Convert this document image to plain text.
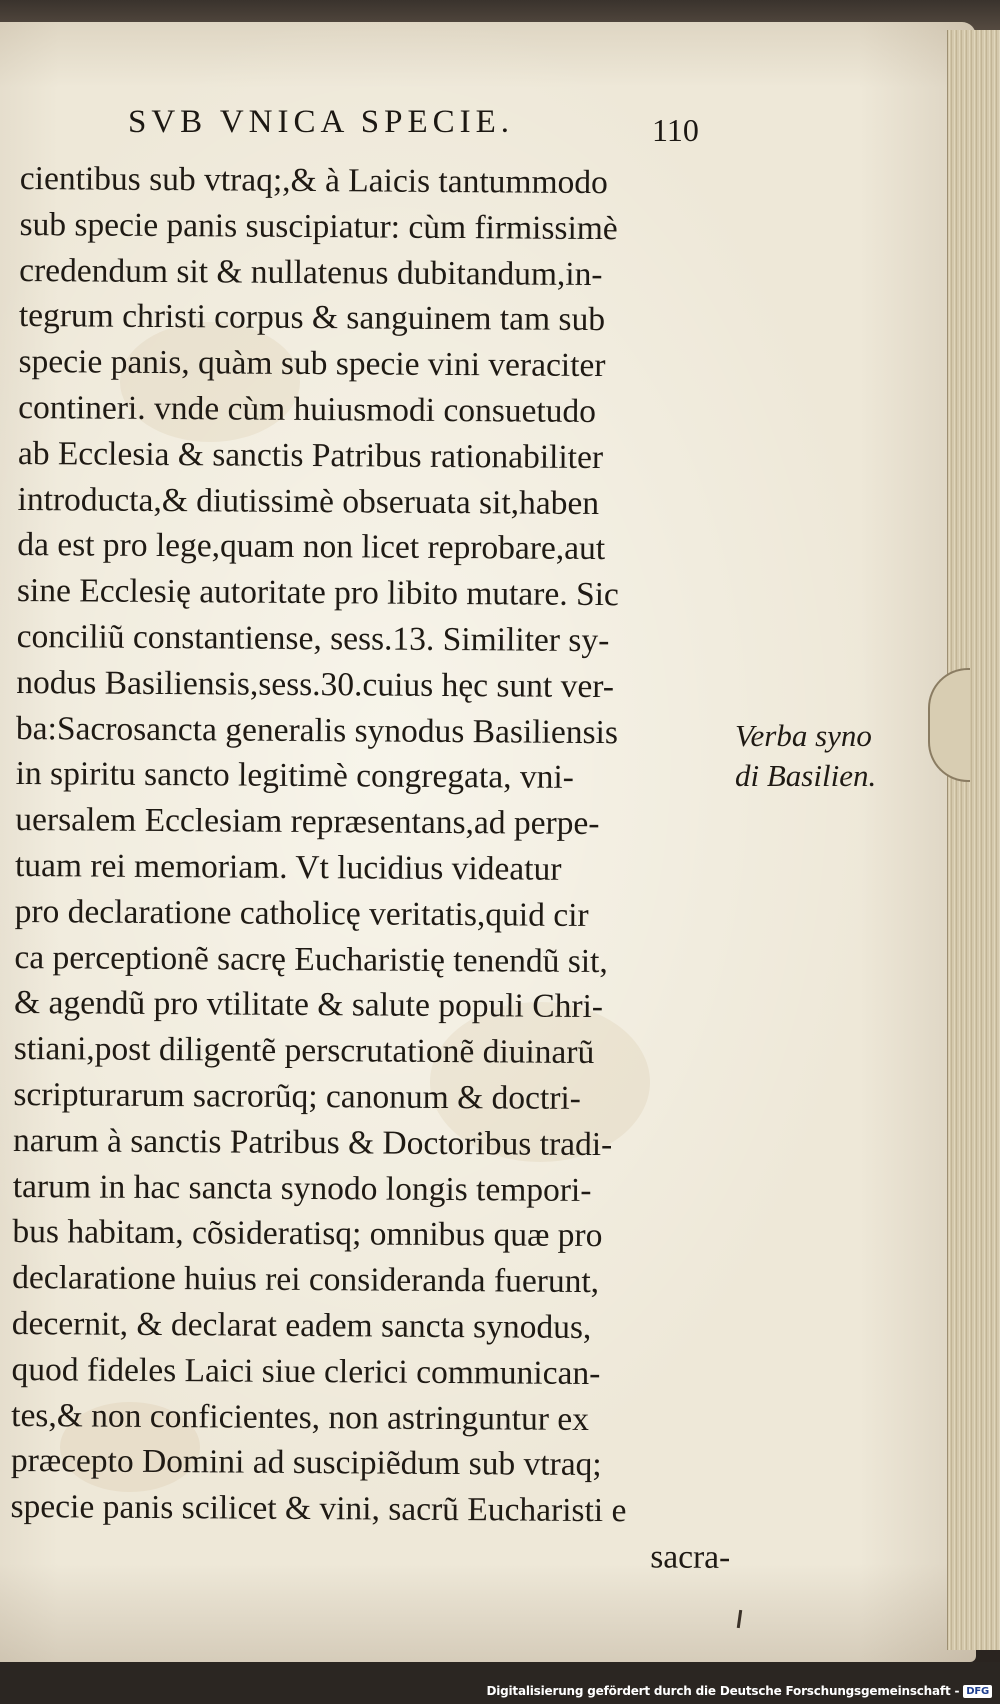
SVB VNICA SPECIE.	110
cientibus sub vtraq;,& à Laicis tantummodo
sub specie panis suscipiatur: cùm firmissimè
credendum sit & nullatenus dubitandum,in-
tegrum christi corpus & sanguinem tam sub
specie panis, quàm sub specie vini veraciter
contineri. vnde cùm huiusmodi consuetudo
ab Ecclesia & sanctis Patribus rationabiliter
introducta,& diutissimè obseruata sit,haben
da est pro lege,quam non licet reprobare,aut
sine Ecclesię autoritate pro libito mutare. Sic
conciliũ constantiense, sess.13. Similiter sy-
nodus Basiliensis,sess.30.cuius hęc sunt ver-
ba:Sacrosancta generalis synodus Basiliensis
in spiritu sancto legitimè congregata, vni-
uersalem Ecclesiam repræsentans,ad perpe-
tuam rei memoriam. Vt lucidius videatur
pro declaratione catholicę veritatis,quid cir
ca perceptionẽ sacrę Eucharistię tenendũ sit,
& agendũ pro vtilitate & salute populi Chri-
stiani,post diligentẽ perscrutationẽ diuinarũ
scripturarum sacrorũq; canonum & doctri-
narum à sanctis Patribus & Doctoribus tradi-
tarum in hac sancta synodo longis tempori-
bus habitam, cõsideratisq; omnibus quæ pro
declaratione huius rei consideranda fuerunt,
decernit, & declarat eadem sancta synodus,
quod fideles Laici siue clerici communican-
tes,& non conficientes, non astringuntur ex
præcepto Domini ad suscipiẽdum sub vtraq;
specie panis scilicet & vini, sacrũ Eucharisti e
sacra-
Verba syno
di Basilien.
Digitalisierung gefördert durch die Deutsche Forschungsgemeinschaft - DFG
